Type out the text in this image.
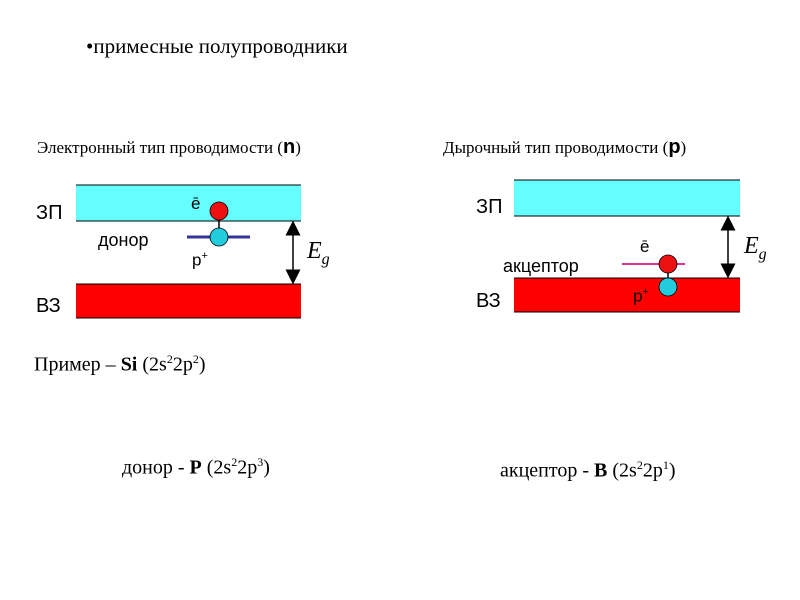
•примесные полупроводники
Электронный тип проводимости (n)
ЗП
ВЗ
донор
ē
p+	$E_g$
Дырочный тип проводимости (p)
ЗП
ВЗ
акцептор
ē
p+
$E_g$
Пример – Si $(2s^22p^2)$
донор - P $(2s^22p^3)$	акцептор - B $(2s^22p^1)$
